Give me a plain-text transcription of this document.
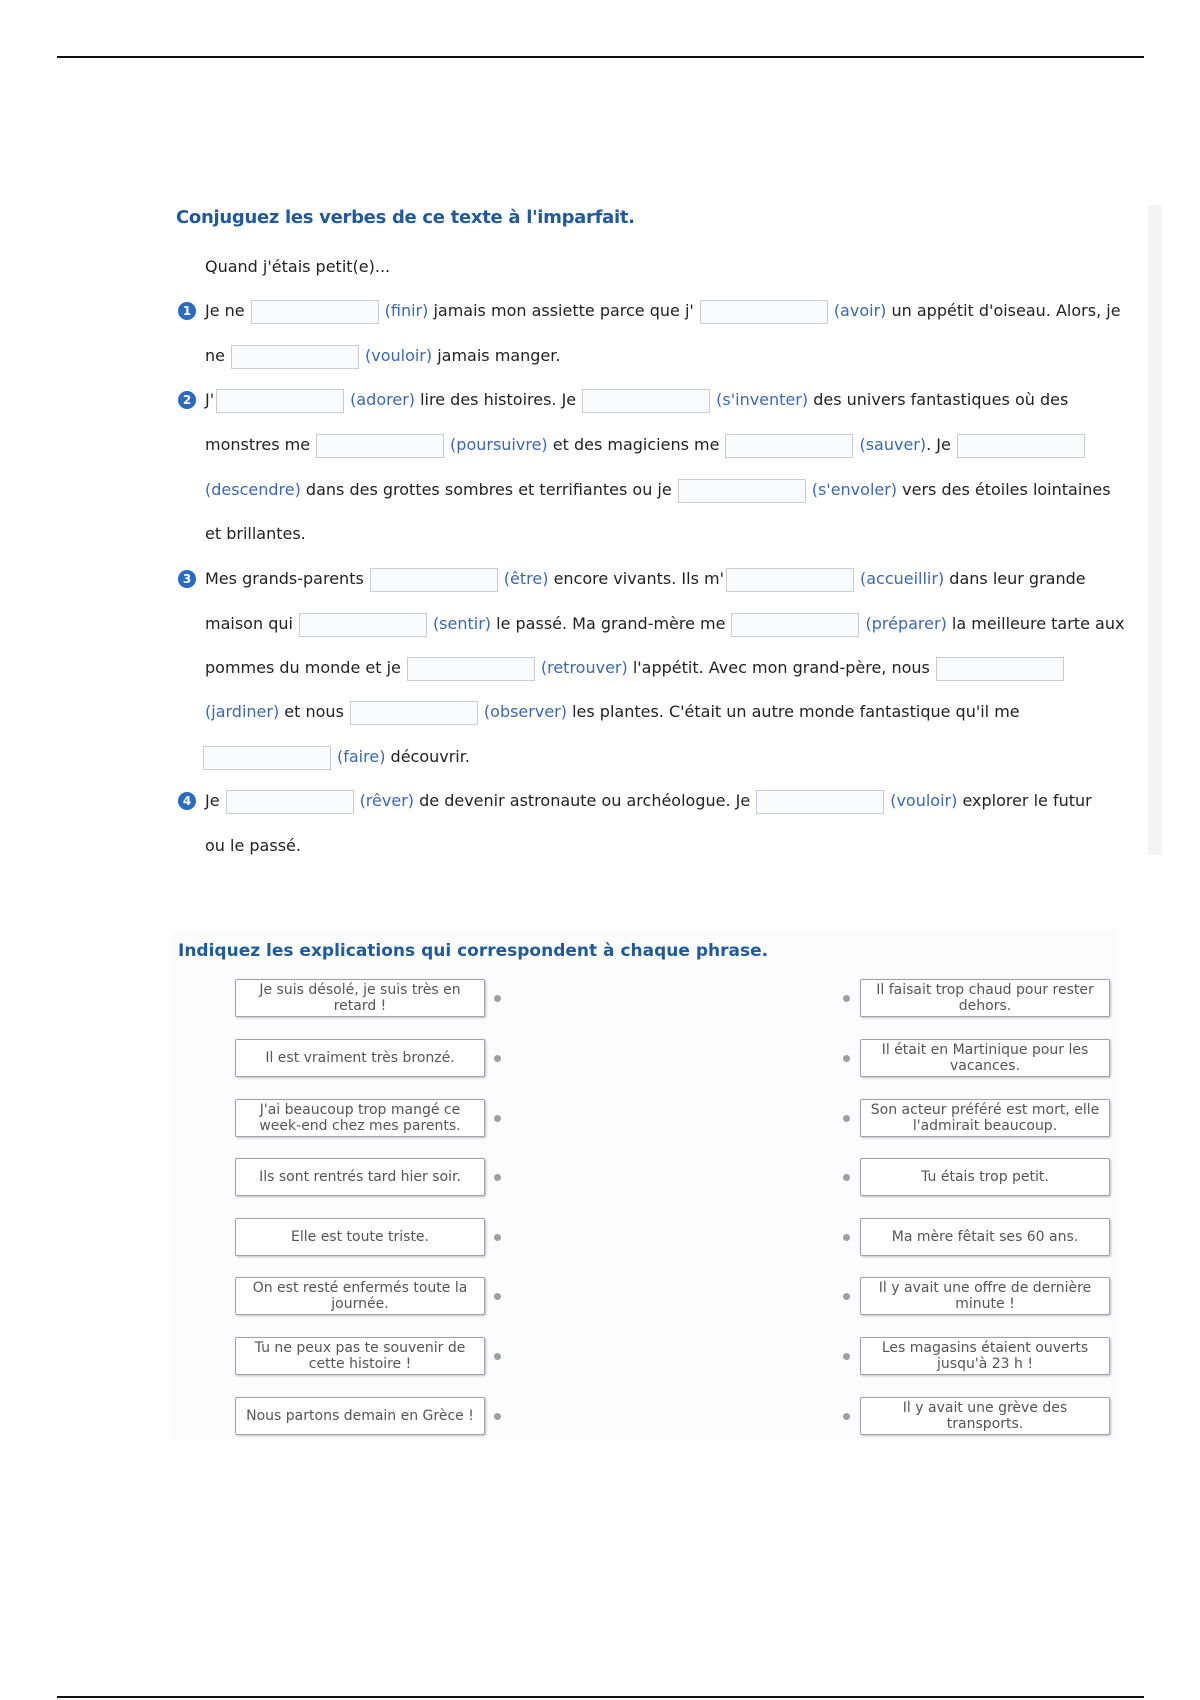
Conjuguez les verbes de ce texte à l'imparfait.
Quand j'étais petit(e)...
1 Je ne	(finir) jamais mon assiette parce que j'	(avoir) un appétit d'oiseau. Alors, je
ne	(vouloir) jamais manger.
2 J'	(adorer) lire des histoires. Je	(s'inventer) des univers fantastiques où des
monstres me	(poursuivre) et des magiciens me	(sauver). Je
(descendre) dans des grottes sombres et terrifiantes ou je	(s'envoler) vers des étoiles lointaines
et brillantes.
3 Mes grands-parents	(être) encore vivants. Ils m'	(accueillir) dans leur grande
maison qui	(sentir) le passé. Ma grand-mère me	(préparer) la meilleure tarte aux
pommes du monde et je	(retrouver) l'appétit. Avec mon grand-père, nous
(jardiner) et nous	(observer) les plantes. C'était un autre monde fantastique qu'il me
(faire) découvrir.
4 Je	(rêver) de devenir astronaute ou archéologue. Je	(vouloir) explorer le futur
ou le passé.
Indiquez les explications qui correspondent à chaque phrase.
Je suis désolé, je suis très en retard !
Il est vraiment très bronzé.
J'ai beaucoup trop mangé ce week-end chez mes parents.
Ils sont rentrés tard hier soir.
Elle est toute triste.
On est resté enfermés toute la journée.
Tu ne peux pas te souvenir de cette histoire !
Nous partons demain en Grèce !
Il faisait trop chaud pour rester dehors.
Il était en Martinique pour les vacances.
Son acteur préféré est mort, elle l'admirait beaucoup.
Tu étais trop petit.
Ma mère fêtait ses 60 ans.
Il y avait une offre de dernière minute !
Les magasins étaient ouverts jusqu'à 23 h !
Il y avait une grève des transports.
